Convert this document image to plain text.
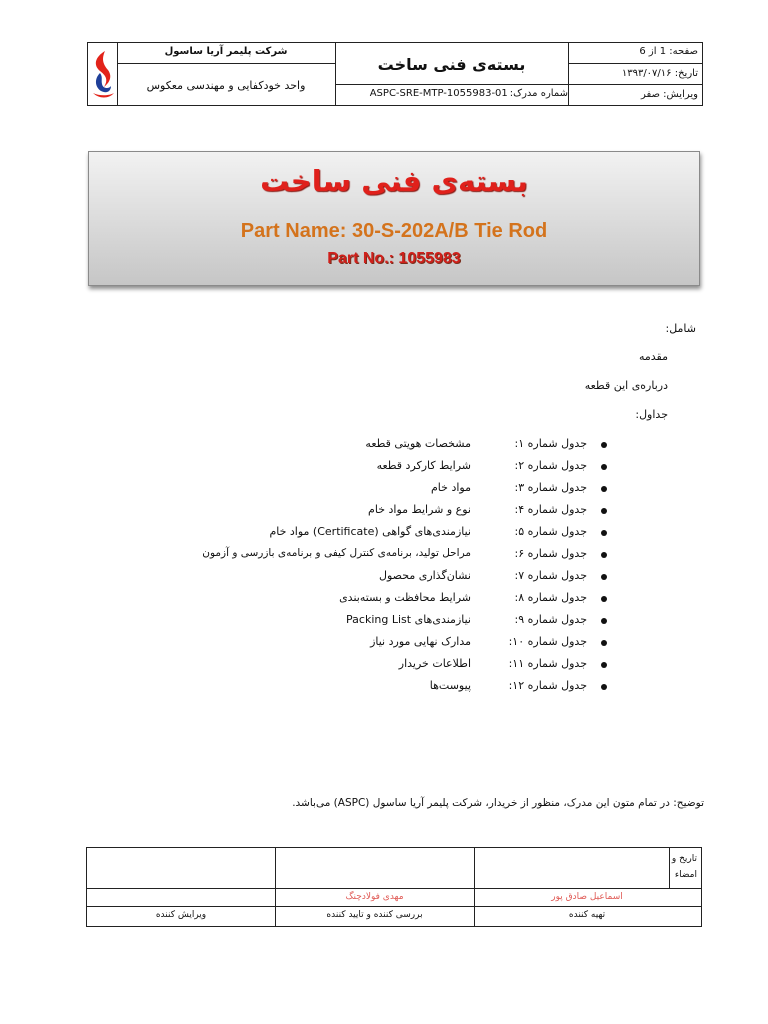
شرکت پلیمر آریا ساسول
واحد خودکفایی و مهندسی معکوس
بسته‌ی فنی ساخت
شماره مدرک:
ASPC-SRE-MTP-1055983-01
صفحه: 1 از 6
تاریخ: ۱۳۹۳/۰۷/۱۶
ویرایش: صفر
بسته‌ی فنی ساخت
Part Name: 30-S-202A/B Tie Rod
Part No.: 1055983
شامل:
مقدمه
درباره‌ی این قطعه
جداول:
جدول شماره ۱:
مشخصات هویتی قطعه
جدول شماره ۲:
شرایط کارکرد قطعه
جدول شماره ۳:
مواد خام
جدول شماره ۴:
نوع و شرایط مواد خام
جدول شماره ۵:
نیازمندی‌های گواهی (Certificate) مواد خام
جدول شماره ۶:
مراحل تولید، برنامه‌ی کنترل کیفی و برنامه‌ی بازرسی و آزمون
جدول شماره ۷:
نشان‌گذاری محصول
جدول شماره ۸:
شرایط محافظت و بسته‌بندی
جدول شماره ۹:
نیازمندی‌های Packing List
جدول شماره ۱۰:
مدارک نهایی مورد نیاز
جدول شماره ۱۱:
اطلاعات خریدار
جدول شماره ۱۲:
پیوست‌ها
توضیح: در تمام متون این مدرک، منظور از خریدار، شرکت پلیمر آریا ساسول (ASPC) می‌باشد.
تاریخ و
امضاء
اسماعیل صادق پور
مهدی فولادچنگ
تهیه کننده
بررسی کننده و تایید کننده
ویرایش کننده
